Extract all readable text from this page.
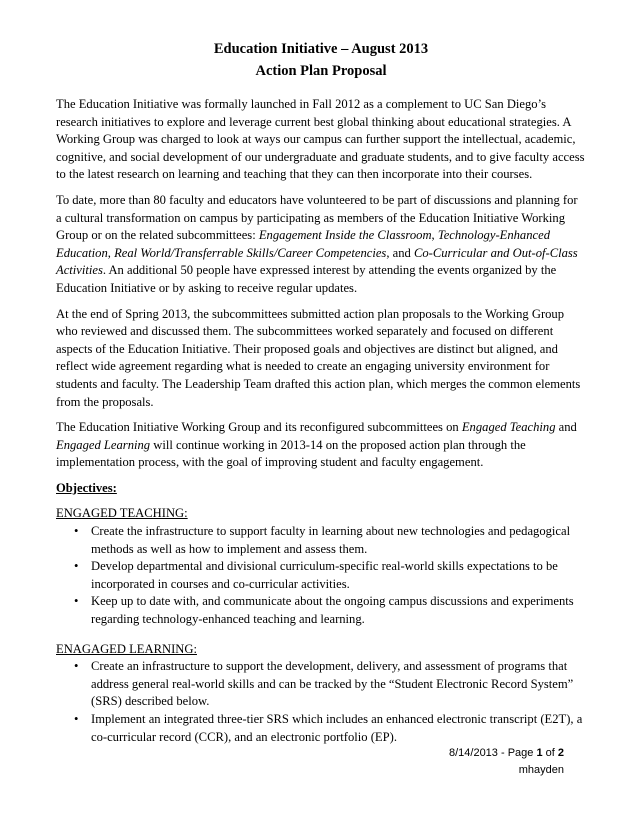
Education Initiative – August 2013
Action Plan Proposal

The Education Initiative was formally launched in Fall 2012 as a complement to UC San Diego’s research initiatives to explore and leverage current best global thinking about educational strategies. A Working Group was charged to look at ways our campus can further support the intellectual, academic, cognitive, and social development of our undergraduate and graduate students, and to give faculty access to the latest research on learning and teaching that they can then incorporate into their courses.

To date, more than 80 faculty and educators have volunteered to be part of discussions and planning for a cultural transformation on campus by participating as members of the Education Initiative Working Group or on the related subcommittees: Engagement Inside the Classroom, Technology-Enhanced Education, Real World/Transferrable Skills/Career Competencies, and Co-Curricular and Out-of-Class Activities. An additional 50 people have expressed interest by attending the events organized by the Education Initiative or by asking to receive regular updates.

At the end of Spring 2013, the subcommittees submitted action plan proposals to the Working Group who reviewed and discussed them. The subcommittees worked separately and focused on different aspects of the Education Initiative. Their proposed goals and objectives are distinct but aligned, and reflect wide agreement regarding what is needed to create an engaging university environment for students and faculty. The Leadership Team drafted this action plan, which merges the common elements from the proposals.

The Education Initiative Working Group and its reconfigured subcommittees on Engaged Teaching and Engaged Learning will continue working in 2013-14 on the proposed action plan through the implementation process, with the goal of improving student and faculty engagement.

Objectives:
ENGAGED TEACHING:
• Create the infrastructure to support faculty in learning about new technologies and pedagogical methods as well as how to implement and assess them.
• Develop departmental and divisional curriculum-specific real-world skills expectations to be incorporated in courses and co-curricular activities.
• Keep up to date with, and communicate about the ongoing campus discussions and experiments regarding technology-enhanced teaching and learning.
ENAGAGED LEARNING:
• Create an infrastructure to support the development, delivery, and assessment of programs that address general real-world skills and can be tracked by the “Student Electronic Record System” (SRS) described below.
• Implement an integrated three-tier SRS which includes an enhanced electronic transcript (E2T), a co-curricular record (CCR), and an electronic portfolio (EP).
8/14/2013 - Page 1 of 2
mhayden
